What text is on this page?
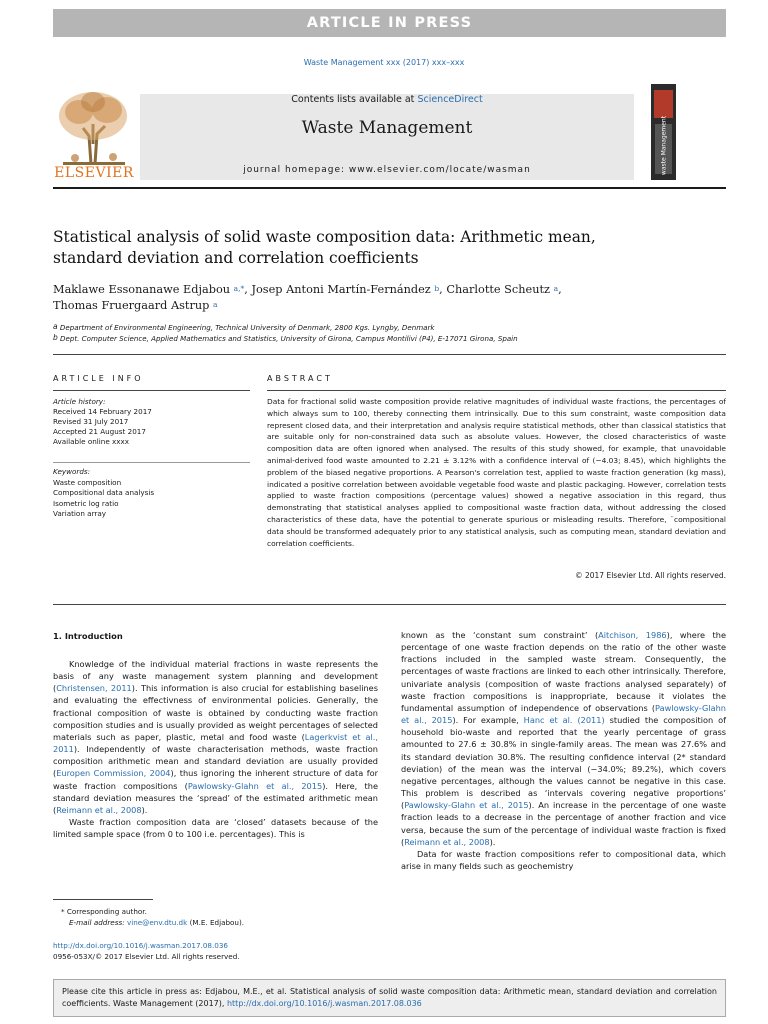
ARTICLE IN PRESS
Waste Management xxx (2017) xxx–xxx
ELSEVIER
Contents lists available at ScienceDirect
Waste Management
journal homepage: www.elsevier.com/locate/wasman	waste Management
Statistical analysis of solid waste composition data: Arithmetic mean,
standard deviation and correlation coefficients
Maklawe Essonanawe Edjabou $^{a,*}$, Josep Antoni Martín-Fernández $^b$, Charlotte Scheutz $^a$,
Thomas Fruergaard Astrup $^a$
$^a$ Department of Environmental Engineering, Technical University of Denmark, 2800 Kgs. Lyngby, Denmark
$^b$ Dept. Computer Science, Applied Mathematics and Statistics, University of Girona, Campus Montilivi (P4), E-17071 Girona, Spain
ARTICLE INFO	ABSTRACT
Article history:
Received 14 February 2017
Revised 31 July 2017
Accepted 21 August 2017
Available online xxxx
Keywords:
Waste composition
Compositional data analysis
Isometric log ratio
Variation array
Data for fractional solid waste composition provide relative magnitudes of individual waste fractions, the percentages of which always sum to 100, thereby connecting them intrinsically. Due to this sum constraint, waste composition data represent closed data, and their interpretation and analysis require statistical methods, other than classical statistics that are suitable only for non-constrained data such as absolute values. However, the closed characteristics of waste composition data are often ignored when analysed. The results of this study showed, for example, that unavoidable animal-derived food waste amounted to 2.21 ± 3.12% with a confidence interval of (−4.03; 8.45), which highlights the problem of the biased negative proportions. A Pearson's correlation test, applied to waste fraction generation (kg mass), indicated a positive correlation between avoidable vegetable food waste and plastic packaging. However, correlation tests applied to waste fraction compositions (percentage values) showed a negative association in this regard, thus demonstrating that statistical analyses applied to compositional waste fraction data, without addressing the closed characteristics of these data, have the potential to generate spurious or misleading results. Therefore, ¨compositional data should be transformed adequately prior to any statistical analysis, such as computing mean, standard deviation and correlation coefficients.
© 2017 Elsevier Ltd. All rights reserved.
1. Introduction

Knowledge of the individual material fractions in waste represents the basis of any waste management system planning and development (Christensen, 2011). This information is also crucial for establishing baselines and evaluating the effectivness of environmental policies. Generally, the fractional composition of waste is obtained by conducting waste fraction composition studies and is usually provided as weight percentages of selected materials such as paper, plastic, metal and food waste (Lagerkvist et al., 2011). Independently of waste characterisation methods, waste fraction composition arithmetic mean and standard deviation are usually provided (Europen Commission, 2004), thus ignoring the inherent structure of data for waste fraction compositions (Pawlowsky-Glahn et al., 2015). Here, the standard deviation measures the ‘spread’ of the estimated arithmetic mean (Reimann et al., 2008).

Waste fraction composition data are ‘closed’ datasets because of the limited sample space (from 0 to 100 i.e. percentages). This is

known as the ‘constant sum constraint’ (Aitchison, 1986), where the percentage of one waste fraction depends on the ratio of the other waste fractions included in the sampled waste stream. Consequently, the percentages of waste fractions are linked to each other intrinsically. Therefore, univariate analysis (composition of waste fractions analysed separately) of waste fraction compositions is inappropriate, because it violates the fundamental assumption of independence of observations (Pawlowsky-Glahn et al., 2015). For example, Hanc et al. (2011) studied the composition of household bio-waste and reported that the yearly percentage of grass amounted to 27.6 ± 30.8% in single-family areas. The mean was 27.6% and its standard deviation 30.8%. The resulting confidence interval (2* standard deviation) of the mean was the interval (−34.0%; 89.2%), which covers negative percentages, although the values cannot be negative in this case. This problem is described as ‘intervals covering negative proportions’ (Pawlowsky-Glahn et al., 2015). An increase in the percentage of one waste fraction leads to a decrease in the percentage of another fraction and vice versa, because the sum of the percentage of individual waste fraction is fixed (Reimann et al., 2008).

Data for waste fraction compositions refer to compositional data, which arise in many fields such as geochemistry

* Corresponding author.
E-mail address: vine@env.dtu.dk (M.E. Edjabou).
http://dx.doi.org/10.1016/j.wasman.2017.08.036
0956-053X/© 2017 Elsevier Ltd. All rights reserved.
Please cite this article in press as: Edjabou, M.E., et al. Statistical analysis of solid waste composition data: Arithmetic mean, standard deviation and correlation coefficients. Waste Management (2017), http://dx.doi.org/10.1016/j.wasman.2017.08.036
